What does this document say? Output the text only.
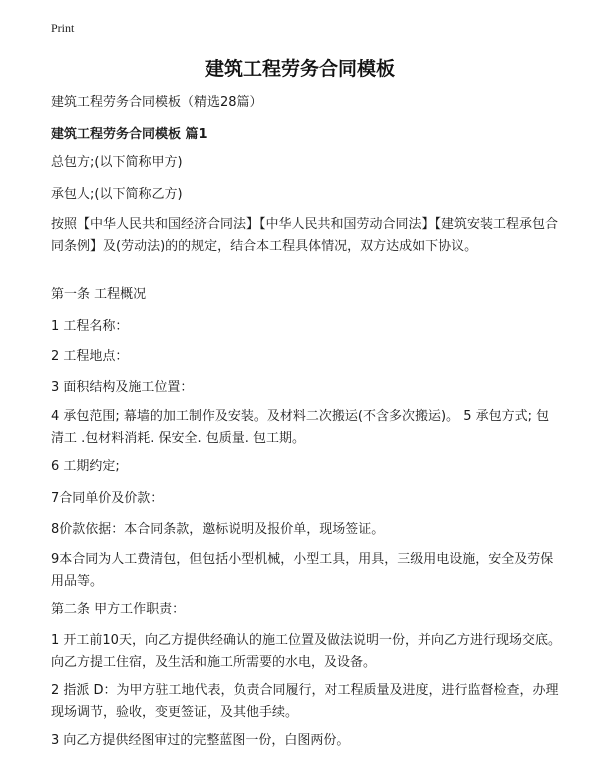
Print
建筑工程劳务合同模板
建筑工程劳务合同模板（精选28篇）
建筑工程劳务合同模板 篇1
总包方;(以下简称甲方)
承包人;(以下简称乙方)
按照【中华人民共和国经济合同法】【中华人民共和国劳动合同法】【建筑安装工程承包合同条例】及(劳动法)的的规定，结合本工程具体情况，双方达成如下协议。
第一条 工程概况
1 工程名称：
2 工程地点：
3 面积结构及施工位置：
4 承包范围; 幕墙的加工制作及安装。及材料二次搬运(不含多次搬运)。 5 承包方式; 包清工 .包材料消耗. 保安全. 包质量. 包工期。
6 工期约定;
7合同单价及价款：
8价款依据：本合同条款，邀标说明及报价单，现场签证。
9本合同为人工费清包，但包括小型机械，小型工具，用具，三级用电设施，安全及劳保用品等。
第二条 甲方工作职责：
1 开工前10天，向乙方提供经确认的施工位置及做法说明一份，并向乙方进行现场交底。向乙方提工住宿，及生活和施工所需要的水电，及设备。
2 指派 D：为甲方驻工地代表，负责合同履行，对工程质量及进度，进行监督检查，办理现场调节，验收，变更签证，及其他手续。
3 向乙方提供经图审过的完整蓝图一份，白图两份。
